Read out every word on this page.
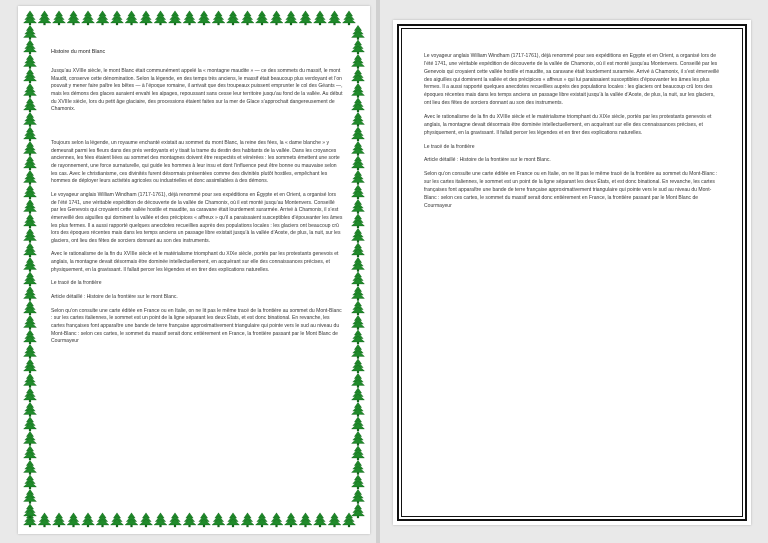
Histoire du mont Blanc

Jusqu’au XVIIIe siècle, le mont Blanc était communément appelé la « montagne maudite » — ce des sommets du massif, le mont Maudit, conserve cette dénomination. Selon la légende, en des temps très anciens, le massif était beaucoup plus verdoyant et l’on pouvait y mener faire paître les bêtes — à l’époque romaine, il arrivait que des troupeaux puissent emprunter le col des Géants —, mais les démons des glaces auraient envahi les alpages, repoussant sans cesse leur territoire jusqu’au fond de la vallée. Au début du XVIIIe siècle, lors du petit âge glaciaire, des processions étaient faites sur la mer de Glace s’approchait dangereusement de Chamonix.

Toujours selon la légende, un royaume enchanté existait au sommet du mont Blanc, la reine des fées, la « dame blanche » y demeurait parmi les fleurs dans des prés verdoyants et y tisait la trame du destin des habitants de la vallée. Dans les croyances anciennes, les fées étaient liées au sommet des montagnes doivent être respectés et vénérées : les sommets émettent une sorte de rayonnement, une force surnaturelle, qui guide les hommes à leur insu et dont l’influence peut être bonne ou mauvaise selon les cas. Avec le christianisme, ces divinités furent désormais présentées comme des divinités plutôt hostiles, empêchant les hommes de déployer leurs activités agricoles ou industrielles et donc assimilables à des démons.

Le voyageur anglais William Windham (1717-1761), déjà renommé pour ses expéditions en Égypte et en Orient, a organisé lors de l’été 1741, une véritable expédition de découverte de la vallée de Chamonix, où il est monté jusqu’au Montenvers. Conseillé par les Genevois qui croyaient cette vallée hostile et maudite, sa caravane était lourdement surarmée. Arrivé à Chamonix, il s’est émerveillé des aiguilles qui dominent la vallée et des précipices « affreux » qu’il a paraissaient susceptibles d’épouvanter les âmes les plus fermes. Il a aussi rapporté quelques anecdotes recueillies auprès des populations locales : les glaciers ont beaucoup crû lors des époques récentes mais dans les temps anciens un passage libre existait jusqu’à la vallée d’Aoste, de plus, la nuit, sur les glaciers, ont lieu des fêtes de sorciers donnant au son des instruments.

Avec le rationalisme de la fin du XVIIIe siècle et le matérialisme triomphant du XIXe siècle, portés par les protestants genevois et anglais, la montagne devait désormais être dominée intellectuellement, en acquérant sur elle des connaissances précises, et physiquement, en la gravissant. Il fallait percer les légendes et en tirer des explications naturelles.

Le tracé de la frontière

Article détaillé : Histoire de la frontière sur le mont Blanc.

Selon qu’on consulte une carte éditée en France ou en Italie, on ne lit pas le même tracé de la frontière au sommet du Mont-Blanc : sur les cartes italiennes, le sommet est un point de la ligne séparant les deux États, et est donc binational. En revanche, les cartes françaises font apparaître une bande de terre française approximativement triangulaire qui pointe vers le sud au niveau du Mont-Blanc : selon ces cartes, le sommet du massif serait donc entièrement en France, la frontière passant par le Mont Blanc de Courmayeur

Le voyageur anglais William Windham (1717-1761), déjà renommé pour ses expéditions en Égypte et en Orient, a organisé lors de l’été 1741, une véritable expédition de découverte de la vallée de Chamonix, où il est monté jusqu’au Montenvers. Conseillé par les Genevois qui croyaient cette vallée hostile et maudite, sa caravane était lourdement surarmée. Arrivé à Chamonix, il s’est émerveillé des aiguilles qui dominent la vallée et des précipices « affreux » qui lui paraissaient susceptibles d’épouvanter les âmes les plus fermes. Il a aussi rapporté quelques anecdotes recueillies auprès des populations locales : les glaciers ont beaucoup crû lors des époques récentes mais dans les temps anciens un passage libre existait jusqu’à la vallée d’Aoste, de plus, la nuit, sur les glaciers, ont lieu des fêtes de sorciers donnant au son des instruments.

Avec le rationalisme de la fin du XVIIIe siècle et le matérialisme triomphant du XIXe siècle, portés par les protestants genevois et anglais, la montagne devait désormais être dominée intellectuellement, en acquérant sur elle des connaissances précises, et physiquement, en la gravissant. Il fallait percer les légendes et en tirer des explications naturelles.

Le tracé de la frontière

Article détaillé : Histoire de la frontière sur le mont Blanc.

Selon qu’on consulte une carte éditée en France ou en Italie, on ne lit pas le même tracé de la frontière au sommet du Mont-Blanc : sur les cartes italiennes, le sommet est un point de la ligne séparant les deux États, et est donc binational. En revanche, les cartes françaises font apparaître une bande de terre française approximativement triangulaire qui pointe vers le sud au niveau du Mont-Blanc : selon ces cartes, le sommet du massif serait donc entièrement en France, la frontière passant par le Mont Blanc de Courmayeur
